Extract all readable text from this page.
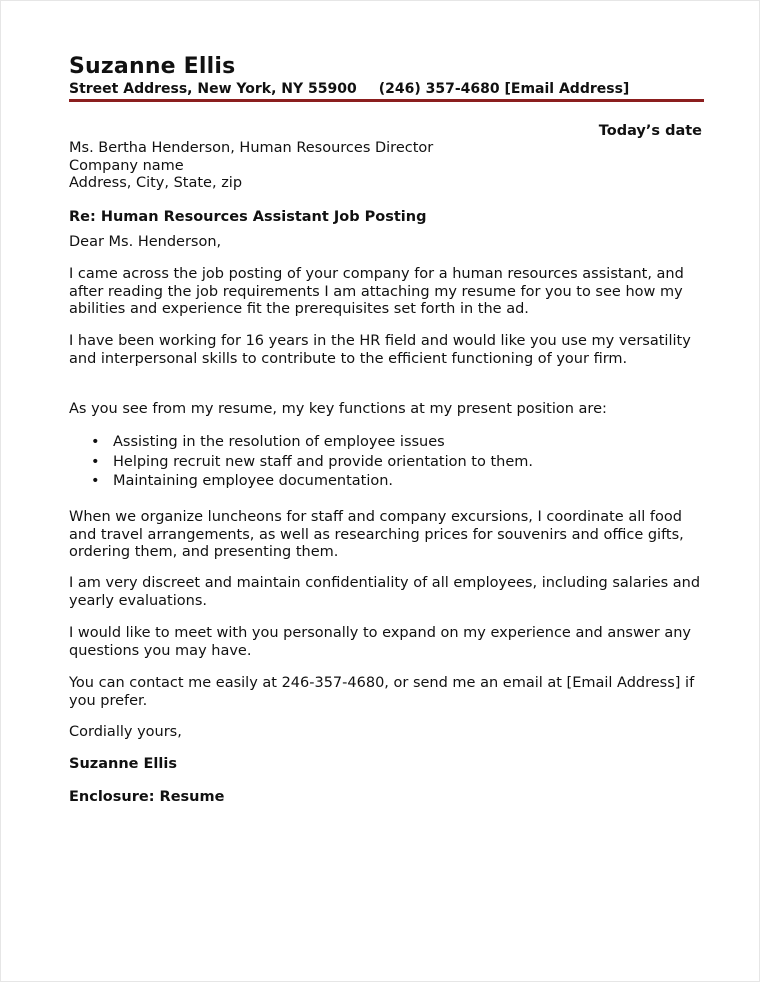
Suzanne Ellis
Street Address, New York, NY 55900 (246) 357-4680 [Email Address]
Today’s date
Ms. Bertha Henderson, Human Resources Director
Company name
Address, City, State, zip
Re: Human Resources Assistant Job Posting
Dear Ms. Henderson,
I came across the job posting of your company for a human resources assistant, and after reading the job requirements I am attaching my resume for you to see how my abilities and experience fit the prerequisites set forth in the ad.
I have been working for 16 years in the HR field and would like you use my versatility and interpersonal skills to contribute to the efficient functioning of your firm.
As you see from my resume, my key functions at my present position are:
• Assisting in the resolution of employee issues
• Helping recruit new staff and provide orientation to them.
• Maintaining employee documentation.
When we organize luncheons for staff and company excursions, I coordinate all food and travel arrangements, as well as researching prices for souvenirs and office gifts, ordering them, and presenting them.
I am very discreet and maintain confidentiality of all employees, including salaries and yearly evaluations.
I would like to meet with you personally to expand on my experience and answer any questions you may have.
You can contact me easily at 246-357-4680, or send me an email at [Email Address] if you prefer.
Cordially yours,
Suzanne Ellis
Enclosure: Resume
